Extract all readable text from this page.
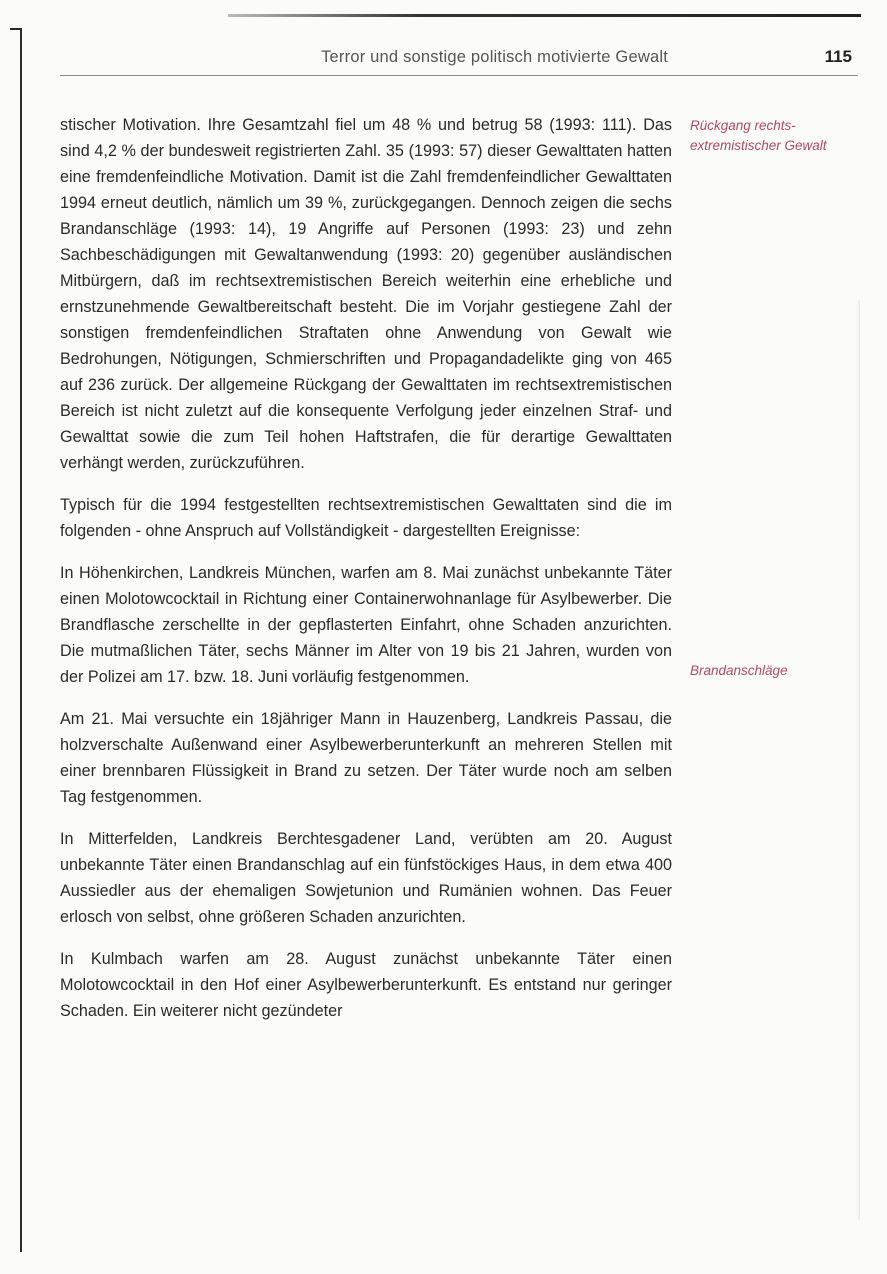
Terror und sonstige politisch motivierte Gewalt	115

stischer Motivation. Ihre Gesamtzahl fiel um 48 % und betrug 58 (1993: 111). Das sind 4,2 % der bundesweit registrierten Zahl. 35 (1993: 57) dieser Gewalttaten hatten eine fremdenfeindliche Motivation. Damit ist die Zahl fremdenfeindlicher Gewalttaten 1994 erneut deutlich, nämlich um 39 %, zurückgegangen. Dennoch zeigen die sechs Brandanschläge (1993: 14), 19 Angriffe auf Personen (1993: 23) und zehn Sachbeschädigungen mit Gewaltanwendung (1993: 20) gegenüber ausländischen Mitbürgern, daß im rechtsextremistischen Bereich weiterhin eine erhebliche und ernstzunehmende Gewaltbereitschaft besteht. Die im Vorjahr gestiegene Zahl der sonstigen fremdenfeindlichen Straftaten ohne Anwendung von Gewalt wie Bedrohungen, Nötigungen, Schmierschriften und Propagandadelikte ging von 465 auf 236 zurück. Der allgemeine Rückgang der Gewalttaten im rechtsextremistischen Bereich ist nicht zuletzt auf die konsequente Verfolgung jeder einzelnen Straf- und Gewalttat sowie die zum Teil hohen Haftstrafen, die für derartige Gewalttaten verhängt werden, zurückzuführen.

Typisch für die 1994 festgestellten rechtsextremistischen Gewalttaten sind die im folgenden - ohne Anspruch auf Vollständigkeit - dargestellten Ereignisse:

In Höhenkirchen, Landkreis München, warfen am 8. Mai zunächst unbekannte Täter einen Molotowcocktail in Richtung einer Containerwohnanlage für Asylbewerber. Die Brandflasche zerschellte in der gepflasterten Einfahrt, ohne Schaden anzurichten. Die mutmaßlichen Täter, sechs Männer im Alter von 19 bis 21 Jahren, wurden von der Polizei am 17. bzw. 18. Juni vorläufig festgenommen.

Am 21. Mai versuchte ein 18jähriger Mann in Hauzenberg, Landkreis Passau, die holzverschalte Außenwand einer Asylbewerberunterkunft an mehreren Stellen mit einer brennbaren Flüssigkeit in Brand zu setzen. Der Täter wurde noch am selben Tag festgenommen.

In Mitterfelden, Landkreis Berchtesgadener Land, verübten am 20. August unbekannte Täter einen Brandanschlag auf ein fünfstöckiges Haus, in dem etwa 400 Aussiedler aus der ehemaligen Sowjetunion und Rumänien wohnen. Das Feuer erlosch von selbst, ohne größeren Schaden anzurichten.

In Kulmbach warfen am 28. August zunächst unbekannte Täter einen Molotowcocktail in den Hof einer Asylbewerberunterkunft. Es entstand nur geringer Schaden. Ein weiterer nicht gezündeter

Rückgang rechts-extremistischer Gewalt
Brandanschläge
